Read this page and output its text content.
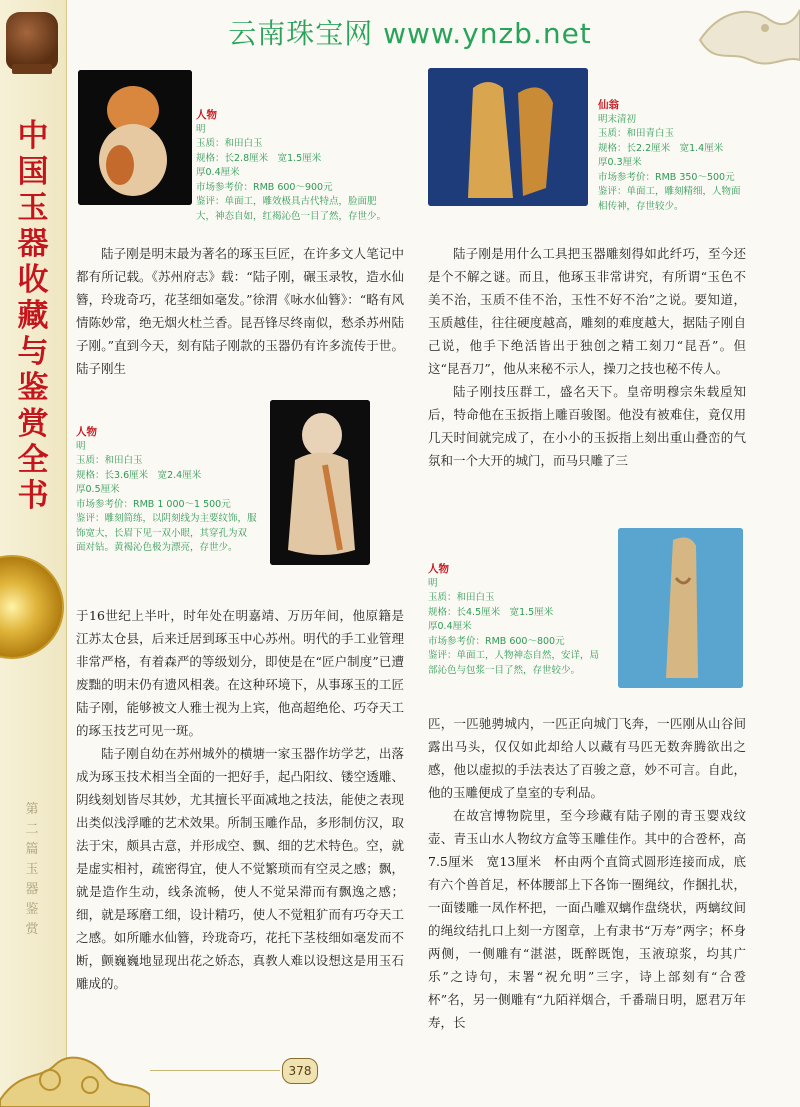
中
国
玉
器
收
藏
与
鉴
赏
全
书
第
二
篇
玉
器
鉴
赏
云南珠宝网 www.ynzb.net
人物
明
玉质：和田白玉
规格：长2.8厘米　宽1.5厘米
厚0.4厘米
市场参考价：RMB 600～900元
鉴评：单面工，雕效极具古代特点，脸面肥
大，神态自如，红褐沁色一目了然，存世少。
人物
明
玉质：和田白玉
规格：长3.6厘米　宽2.4厘米
厚0.5厘米
市场参考价：RMB 1 000～1 500元
鉴评：雕刻简练，以阴刻线为主要纹饰，服
饰宽大，长眉下见一双小眼，其穿孔为双
面对钻。黄褐沁色极为漂亮，存世少。
仙翁
明末清初
玉质：和田青白玉
规格：长2.2厘米　宽1.4厘米
厚0.3厘米
市场参考价：RMB 350～500元
鉴评：单面工，雕刻精细，人物面
相传神，存世较少。
人物
明
玉质：和田白玉
规格：长4.5厘米　宽1.5厘米
厚0.4厘米
市场参考价：RMB 600～800元
鉴评：单面工，人物神态自然，安详，局
部沁色与包浆一目了然，存世较少。

陆子刚是明末最为著名的琢玉巨匠，在许多文人笔记中都有所记载。《苏州府志》载：“陆子刚，碾玉录牧，造水仙簪，玲珑奇巧，花茎细如毫发。”徐渭《咏水仙簪》：“略有风情陈妙常，绝无烟火杜兰香。昆吾锋尽终南似，愁杀苏州陆子刚。”直到今天，刻有陆子刚款的玉器仍有许多流传于世。陆子刚生

于16世纪上半叶，时年处在明嘉靖、万历年间，他原籍是江苏太仓县，后来迁居到琢玉中心苏州。明代的手工业管理非常严格，有着森严的等级划分，即使是在“匠户制度”已遭废黜的明末仍有遗风相袭。在这种环境下，从事琢玉的工匠陆子刚，能够被文人雅士视为上宾，他高超绝伦、巧夺天工的琢玉技艺可见一斑。

陆子刚自幼在苏州城外的横塘一家玉器作坊学艺，出落成为琢玉技术相当全面的一把好手，起凸阳纹、镂空透雕、阴线刻划皆尽其妙，尤其擅长平面减地之技法，能使之表现出类似浅浮雕的艺术效果。所制玉雕作品，多形制仿汉，取法于宋，颇具古意，并形成空、飘、细的艺术特色。空，就是虚实相衬，疏密得宜，使人不觉繁琐而有空灵之感；飘，就是造作生动，线条流畅，使人不觉呆滞而有飘逸之感；细，就是琢磨工细，设计精巧，使人不觉粗犷而有巧夺天工之感。如所雕水仙簪，玲珑奇巧，花托下茎枝细如毫发而不断，颤巍巍地显现出花之娇态，真教人难以设想这是用玉石雕成的。

陆子刚是用什么工具把玉器雕刻得如此纤巧，至今还是个不解之谜。而且，他琢玉非常讲究，有所谓“玉色不美不治，玉质不佳不治，玉性不好不治”之说。要知道，玉质越佳，往往硬度越高，雕刻的难度越大，据陆子刚自己说，他手下绝活皆出于独创之精工刻刀“昆吾”。但这“昆吾刀”，他从来秘不示人，操刀之技也秘不传人。

陆子刚技压群工，盛名天下。皇帝明穆宗朱载垕知后，特命他在玉扳指上雕百骏图。他没有被难住，竟仅用几天时间就完成了，在小小的玉扳指上刻出重山叠峦的气氛和一个大开的城门，而马只雕了三

匹，一匹驰骋城内，一匹正向城门飞奔，一匹刚从山谷间露出马头，仅仅如此却给人以藏有马匹无数奔腾欲出之感，他以虚拟的手法表达了百骏之意，妙不可言。自此，他的玉雕便成了皇室的专利品。

在故宫博物院里，至今珍藏有陆子刚的青玉婴戏纹壶、青玉山水人物纹方盒等玉雕佳作。其中的合卺杯，高7.5厘米　宽13厘米　杯由两个直筒式圆形连接而成，底有六个兽首足，杯体腰部上下各饰一圈绳纹，作捆扎状，一面镂雕一凤作杯把，一面凸雕双螭作盘绕状，两螭纹间的绳纹结扎口上刻一方图章，上有隶书“万寿”两字；杯身两侧，一侧雕有“湛湛，既醉既饱，玉液琼浆，均其广乐”之诗句，末署“祝允明”三字，诗上部刻有“合卺杯”名，另一侧雕有“九陌祥烟合，千番瑞日明，愿君万年寿，长

378
